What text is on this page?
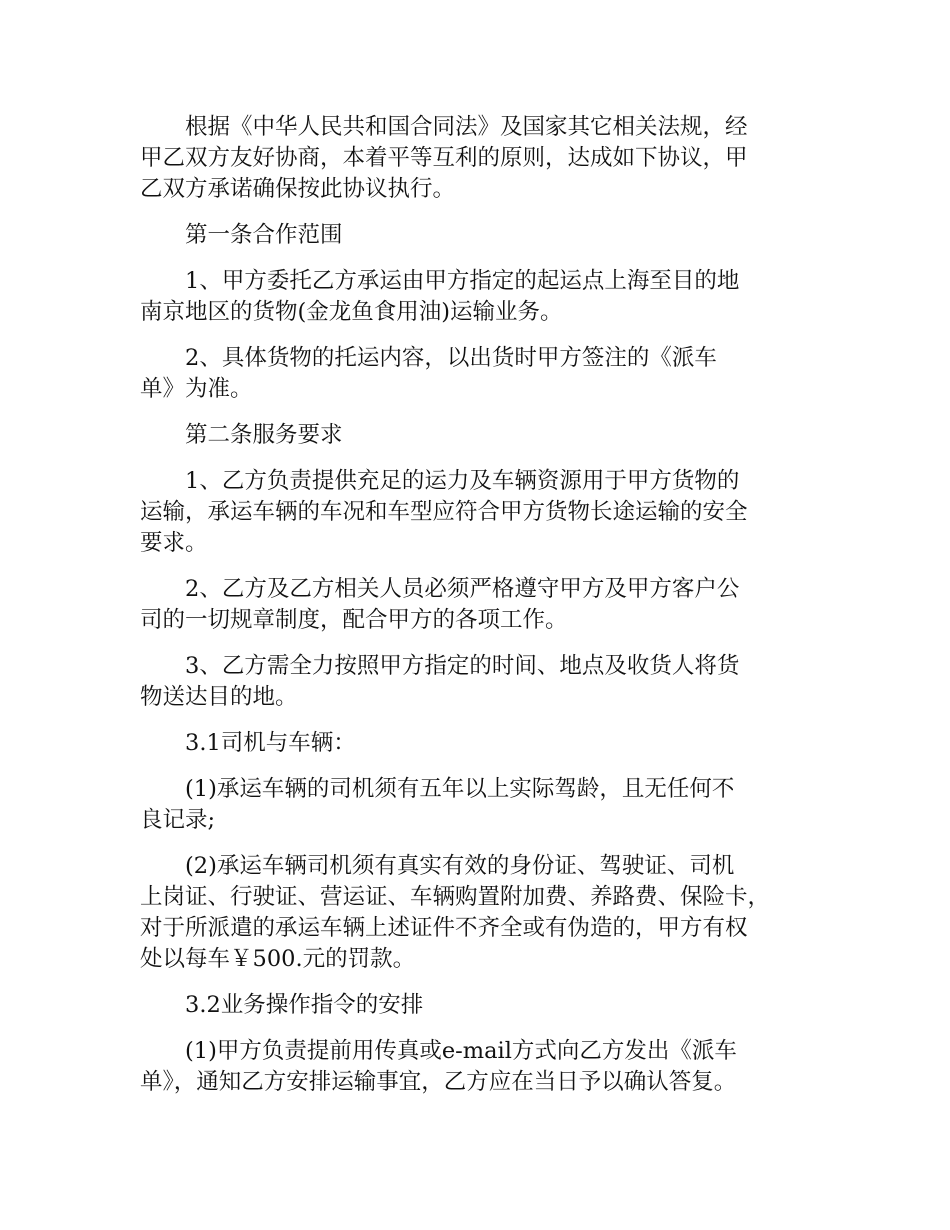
根据《中华人民共和国合同法》及国家其它相关法规，经
甲乙双方友好协商，本着平等互利的原则，达成如下协议，甲
乙双方承诺确保按此协议执行。

第一条合作范围

1、甲方委托乙方承运由甲方指定的起运点上海至目的地
南京地区的货物(金龙鱼食用油)运输业务。

2、具体货物的托运内容，以出货时甲方签注的《派车
单》为准。

第二条服务要求

1、乙方负责提供充足的运力及车辆资源用于甲方货物的
运输，承运车辆的车况和车型应符合甲方货物长途运输的安全
要求。

2、乙方及乙方相关人员必须严格遵守甲方及甲方客户公
司的一切规章制度，配合甲方的各项工作。

3、乙方需全力按照甲方指定的时间、地点及收货人将货
物送达目的地。

3.1司机与车辆：

(1)承运车辆的司机须有五年以上实际驾龄，且无任何不
良记录;

(2)承运车辆司机须有真实有效的身份证、驾驶证、司机
上岗证、行驶证、营运证、车辆购置附加费、养路费、保险卡，
对于所派遣的承运车辆上述证件不齐全或有伪造的，甲方有权
处以每车￥500.元的罚款。

3.2业务操作指令的安排

(1)甲方负责提前用传真或e-mail方式向乙方发出《派车
单》，通知乙方安排运输事宜，乙方应在当日予以确认答复。
